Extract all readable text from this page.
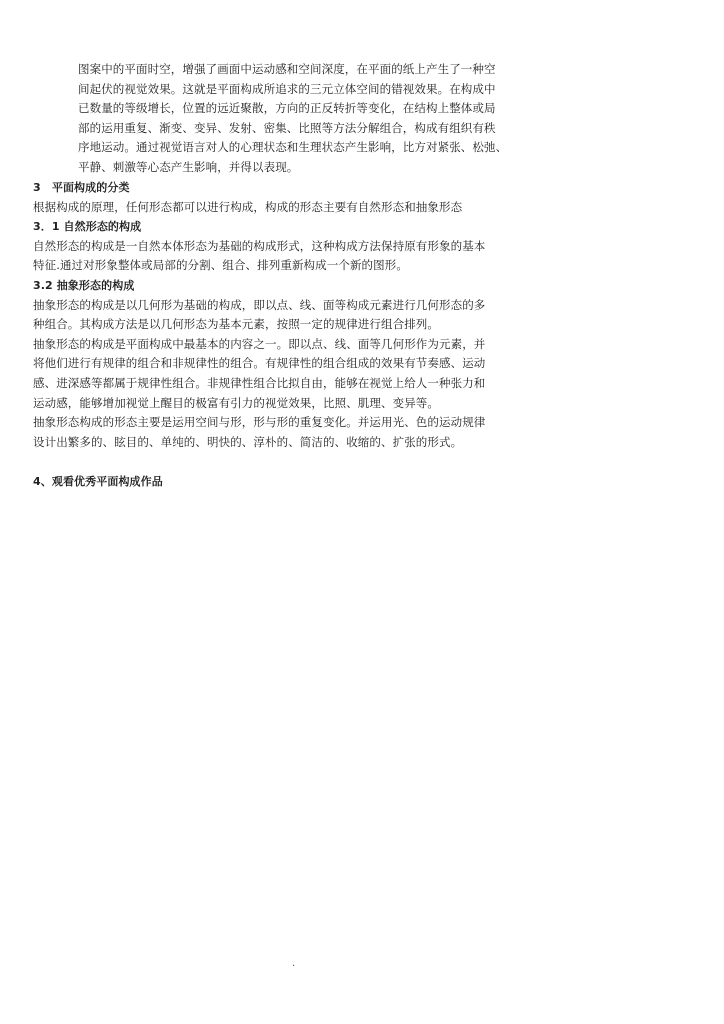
图案中的平面时空，增强了画面中运动感和空间深度，在平面的纸上产生了一种空
间起伏的视觉效果。这就是平面构成所追求的三元立体空间的错视效果。在构成中
已数量的等级增长，位置的远近聚散，方向的正反转折等变化，在结构上整体或局
部的运用重复、渐变、变异、发射、密集、比照等方法分解组合，构成有组织有秩
序地运动。通过视觉语言对人的心理状态和生理状态产生影响，比方对紧张、松弛、
平静、刺激等心态产生影响，并得以表现。
3　平面构成的分类
根据构成的原理，任何形态都可以进行构成，构成的形态主要有自然形态和抽象形态
3．1 自然形态的构成
自然形态的构成是一自然本体形态为基础的构成形式，这种构成方法保持原有形象的基本
特征.通过对形象整体或局部的分割、组合、排列重新构成一个新的图形。
3.2 抽象形态的构成
抽象形态的构成是以几何形为基础的构成，即以点、线、面等构成元素进行几何形态的多
种组合。其构成方法是以几何形态为基本元素，按照一定的规律进行组合排列。
抽象形态的构成是平面构成中最基本的内容之一。即以点、线、面等几何形作为元素，并
将他们进行有规律的组合和非规律性的组合。有规律性的组合组成的效果有节奏感、运动
感、进深感等都属于规律性组合。非规律性组合比拟自由，能够在视觉上给人一种张力和
运动感，能够增加视觉上醒目的极富有引力的视觉效果，比照、肌理、变异等。
抽象形态构成的形态主要是运用空间与形，形与形的重复变化。并运用光、色的运动规律
设计出繁多的、眩目的、单纯的、明快的、淳朴的、简洁的、收缩的、扩张的形式。
4、观看优秀平面构成作品
.
